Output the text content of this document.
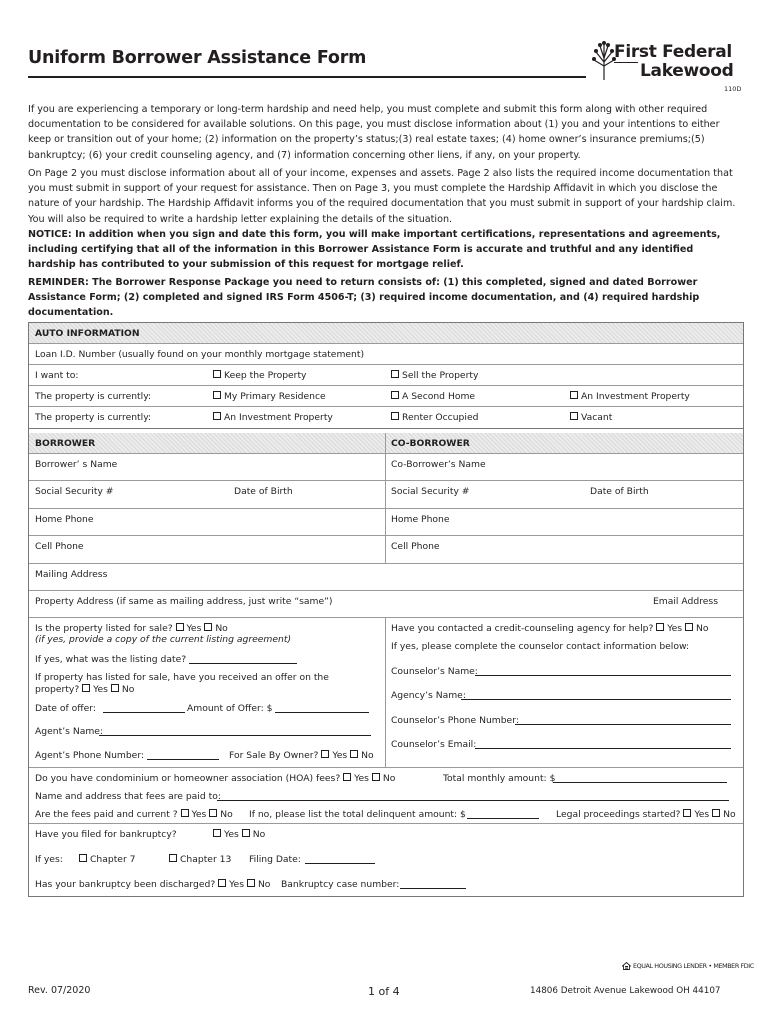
Uniform Borrower Assistance Form	First Federal
Lakewood
110D

If you are experiencing a temporary or long-term hardship and need help, you must complete and submit this form along with other required documentation to be considered for available solutions. On this page, you must disclose information about (1) you and your intentions to either keep or transition out of your home; (2) information on the property’s status;(3) real estate taxes; (4) home owner’s insurance premiums;(5) bankruptcy; (6) your credit counseling agency, and (7) information concerning other liens, if any, on your property.

On Page 2 you must disclose information about all of your income, expenses and assets. Page 2 also lists the required income documentation that you must submit in support of your request for assistance. Then on Page 3, you must complete the Hardship Affidavit in which you disclose the nature of your hardship. The Hardship Affidavit informs you of the required documentation that you must submit in support of your hardship claim. You will also be required to write a hardship letter explaining the details of the situation.

NOTICE: In addition when you sign and date this form, you will make important certifications, representations and agreements, including certifying that all of the information in this Borrower Assistance Form is accurate and truthful and any identified hardship has contributed to your submission of this request for mortgage relief.

REMINDER: The Borrower Response Package you need to return consists of: (1) this completed, signed and dated Borrower Assistance Form; (2) completed and signed IRS Form 4506-T; (3) required income documentation, and (4) required hardship documentation.

AUTO INFORMATION
Loan I.D. Number (usually found on your monthly mortgage statement)
I want to:	Keep the Property	Sell the Property
The property is currently:	My Primary Residence	A Second Home	An Investment Property
The property is currently:	An Investment Property	Renter Occupied	Vacant
BORROWER	CO-BORROWER
Borrower’ s Name	Co-Borrower’s Name
Social Security #	Date of Birth	Social Security #	Date of Birth
Home Phone	Home Phone
Cell Phone	Cell Phone
Mailing Address
Property Address (if same as mailing address, just write “same”)	Email Address
Is the property listed for sale? Yes No
(if yes, provide a copy of the current listing agreement)
If yes, what was the listing date?
If property has listed for sale, have you received an offer on the
property? Yes No
Date of offer:	Amount of Offer: $
Agent’s Name:
Agent’s Phone Number:	For Sale By Owner? Yes No
Have you contacted a credit-counseling agency for help? Yes No
If yes, please complete the counselor contact information below:
Counselor’s Name:
Agency’s Name:
Counselor’s Phone Number:
Counselor’s Email:
Do you have condominium or homeowner association (HOA) fees? Yes No	Total monthly amount: $
Name and address that fees are paid to:
Are the fees paid and current ? Yes No If no, please list the total delinquent amount: $	Legal proceedings started? Yes No
Have you filed for bankruptcy?	Yes No
If yes:	Chapter 7	Chapter 13 Filing Date:
Has your bankruptcy been discharged? Yes No Bankruptcy case number:
EQUAL HOUSING LENDER • MEMBER FDIC
Rev. 07/2020	1 of 4	14806 Detroit Avenue Lakewood OH 44107
